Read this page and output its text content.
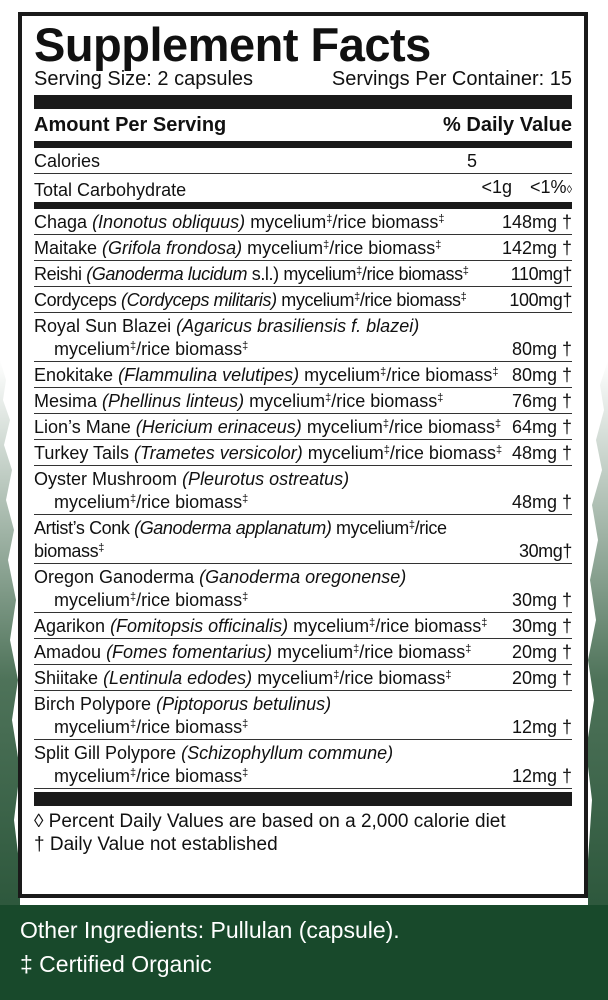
Supplement Facts
Serving Size: 2 capsules	Servings Per Container: 15
Amount Per Serving	% Daily Value
Calories	5
Total Carbohydrate	<1g <1%◊
Chaga (Inonotus obliquus) mycelium‡/rice biomass‡	148mg †
Maitake (Grifola frondosa) mycelium‡/rice biomass‡	142mg †
Reishi (Ganoderma lucidum s.l.) mycelium‡/rice biomass‡	110mg†
Cordyceps (Cordyceps militaris) mycelium‡/rice biomass‡	100mg†
Royal Sun Blazei (Agaricus brasiliensis f. blazei)
mycelium‡/rice biomass‡	80mg †
Enokitake (Flammulina velutipes) mycelium‡/rice biomass‡ 80mg †
Mesima (Phellinus linteus) mycelium‡/rice biomass‡	76mg †
Lion’s Mane (Hericium erinaceus) mycelium‡/rice biomass‡ 64mg †
Turkey Tails (Trametes versicolor) mycelium‡/rice biomass‡ 48mg †
Oyster Mushroom (Pleurotus ostreatus)
mycelium‡/rice biomass‡	48mg †
Artist’s Conk (Ganoderma applanatum) mycelium‡/rice biomass‡	30mg†
Oregon Ganoderma (Ganoderma oregonense)
mycelium‡/rice biomass‡	30mg †
Agarikon (Fomitopsis officinalis) mycelium‡/rice biomass‡	30mg †
Amadou (Fomes fomentarius) mycelium‡/rice biomass‡	20mg †
Shiitake (Lentinula edodes) mycelium‡/rice biomass‡	20mg †
Birch Polypore (Piptoporus betulinus)
mycelium‡/rice biomass‡	12mg †
Split Gill Polypore (Schizophyllum commune)
mycelium‡/rice biomass‡	12mg †
◊ Percent Daily Values are based on a 2,000 calorie diet
† Daily Value not established
Other Ingredients: Pullulan (capsule).
‡ Certified Organic
